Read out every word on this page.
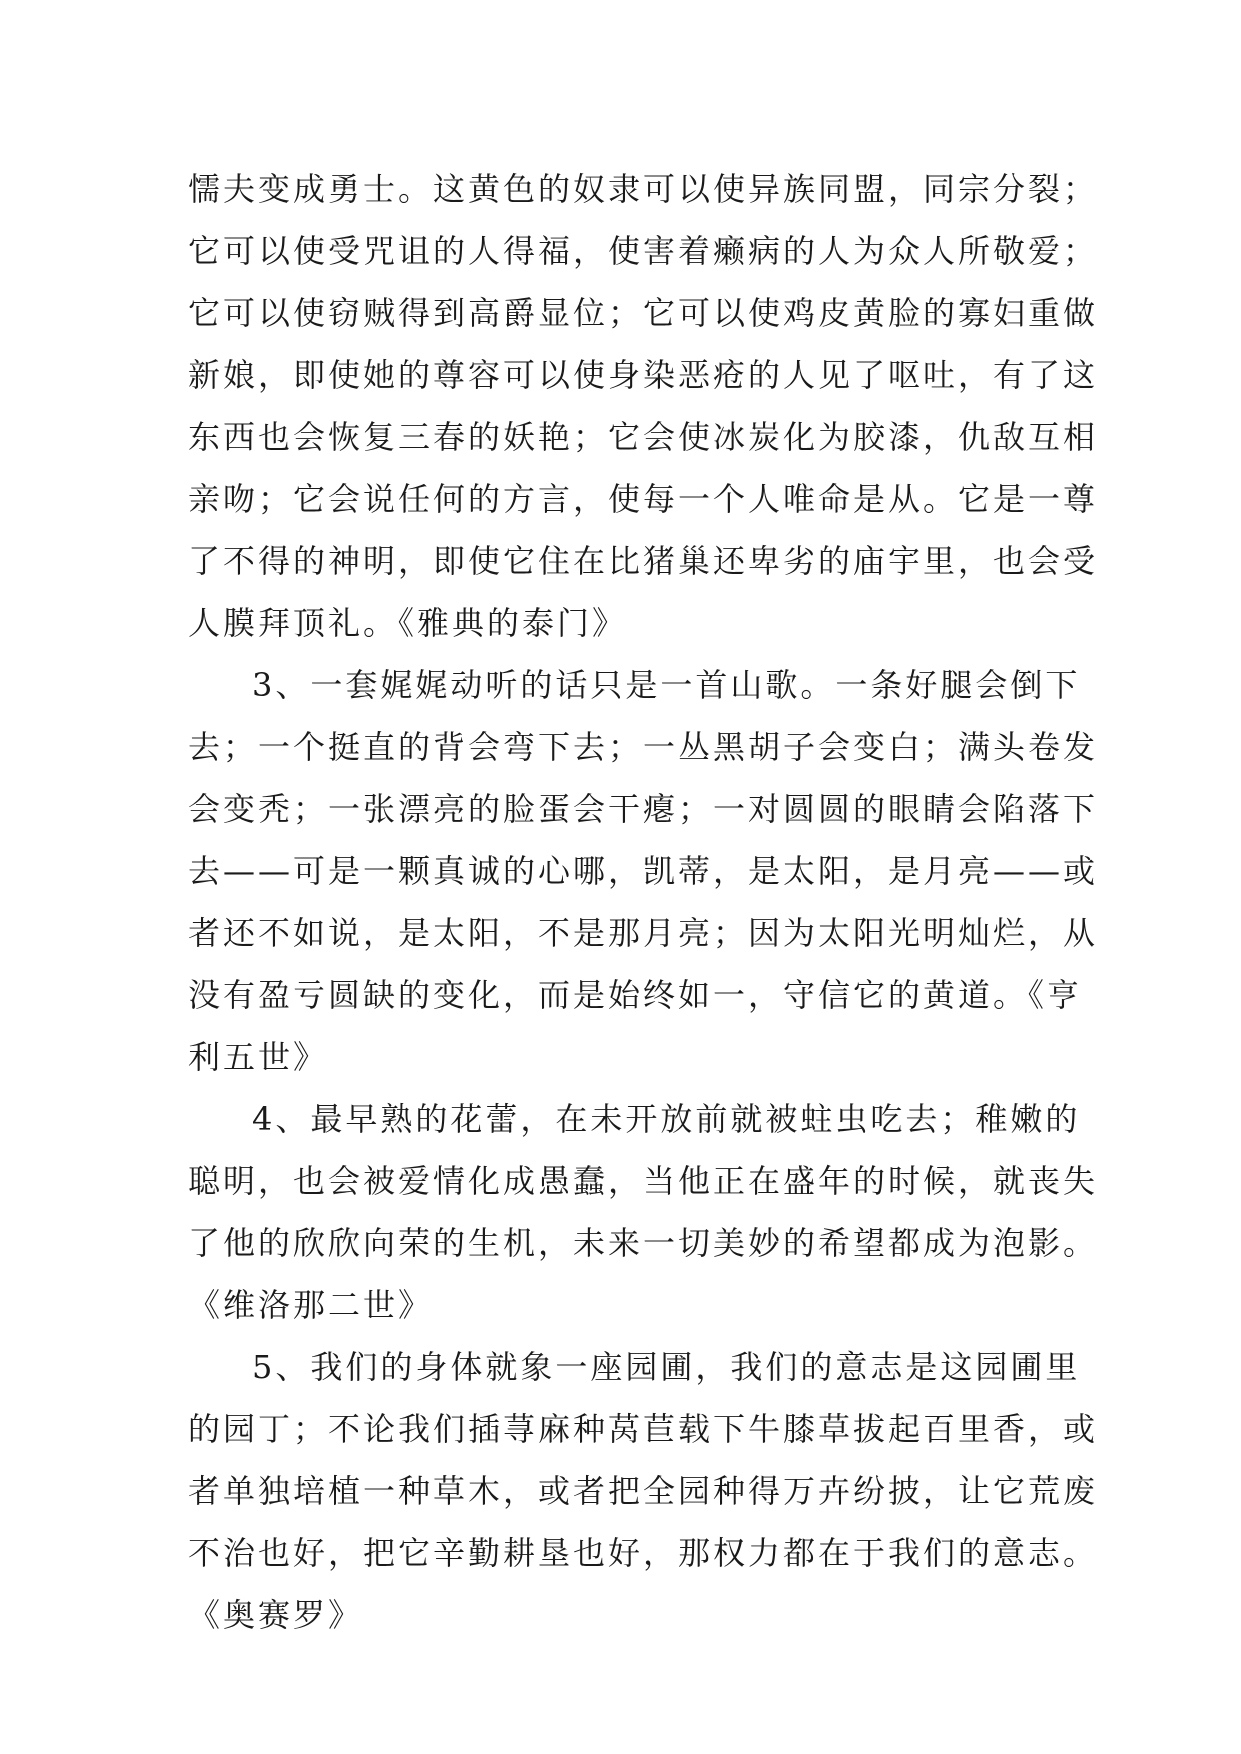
懦夫变成勇士。这黄色的奴隶可以使异族同盟，同宗分裂；
它可以使受咒诅的人得福，使害着癞病的人为众人所敬爱；
它可以使窃贼得到高爵显位；它可以使鸡皮黄脸的寡妇重做
新娘，即使她的尊容可以使身染恶疮的人见了呕吐，有了这
东西也会恢复三春的妖艳；它会使冰炭化为胶漆，仇敌互相
亲吻；它会说任何的方言，使每一个人唯命是从。它是一尊
了不得的神明，即使它住在比猪巢还卑劣的庙宇里，也会受
人膜拜顶礼。《雅典的泰门》
3、一套娓娓动听的话只是一首山歌。一条好腿会倒下
去；一个挺直的背会弯下去；一丛黑胡子会变白；满头卷发
会变秃；一张漂亮的脸蛋会干瘪；一对圆圆的眼睛会陷落下
去——可是一颗真诚的心哪，凯蒂，是太阳，是月亮——或
者还不如说，是太阳，不是那月亮；因为太阳光明灿烂，从
没有盈亏圆缺的变化，而是始终如一，守信它的黄道。《亨
利五世》
4、最早熟的花蕾，在未开放前就被蛀虫吃去；稚嫩的
聪明，也会被爱情化成愚蠢，当他正在盛年的时候，就丧失
了他的欣欣向荣的生机，未来一切美妙的希望都成为泡影。
《维洛那二世》
5、我们的身体就象一座园圃，我们的意志是这园圃里
的园丁；不论我们插荨麻种莴苣载下牛膝草拔起百里香，或
者单独培植一种草木，或者把全园种得万卉纷披，让它荒废
不治也好，把它辛勤耕垦也好，那权力都在于我们的意志。
《奥赛罗》
